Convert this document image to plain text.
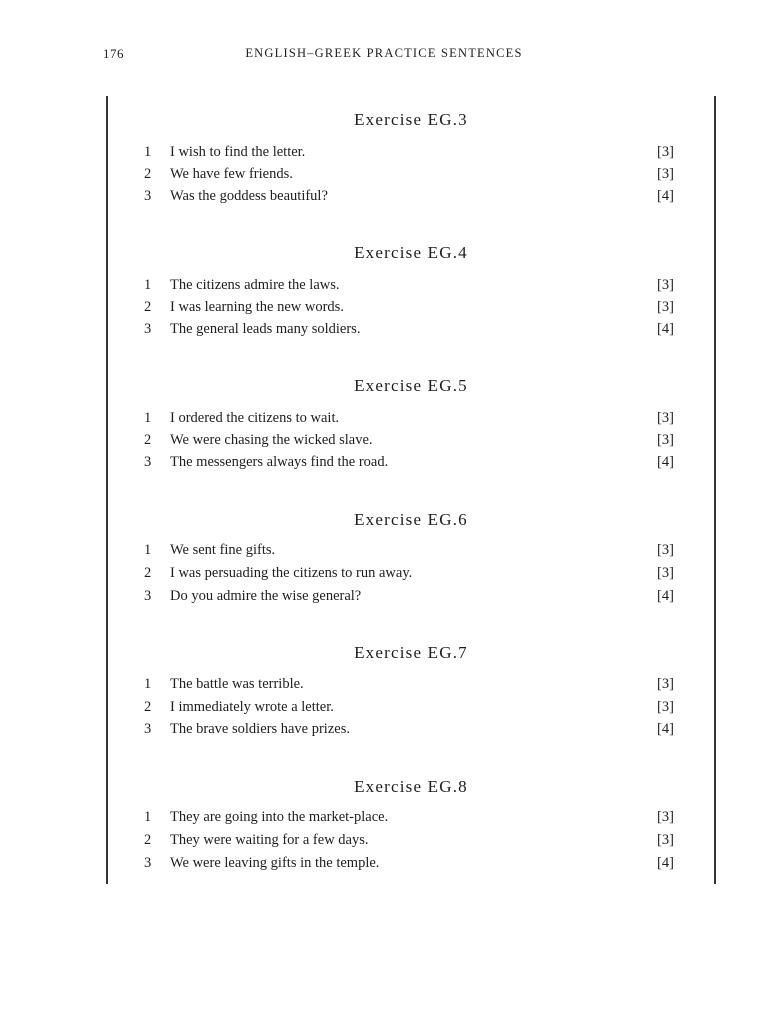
176	ENGLISH–GREEK PRACTICE SENTENCES
Exercise EG.3
1	I wish to find the letter.	[3]
2	We have few friends.	[3]
3	Was the goddess beautiful?	[4]
Exercise EG.4
1	The citizens admire the laws.	[3]
2	I was learning the new words.	[3]
3	The general leads many soldiers.	[4]
Exercise EG.5
1	I ordered the citizens to wait.	[3]
2	We were chasing the wicked slave.	[3]
3	The messengers always find the road.	[4]
Exercise EG.6
1	We sent fine gifts.	[3]
2	I was persuading the citizens to run away.	[3]
3	Do you admire the wise general?	[4]
Exercise EG.7
1	The battle was terrible.	[3]
2	I immediately wrote a letter.	[3]
3	The brave soldiers have prizes.	[4]
Exercise EG.8
1	They are going into the market-place.	[3]
2	They were waiting for a few days.	[3]
3	We were leaving gifts in the temple.	[4]
